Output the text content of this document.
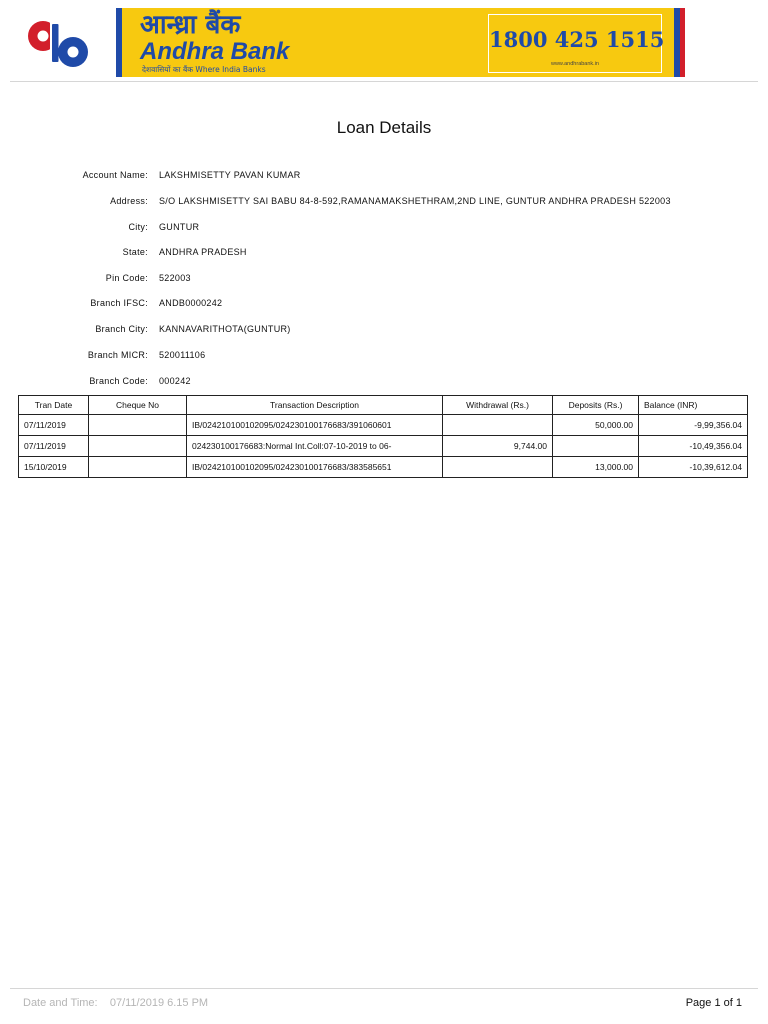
आन्ध्रा बैंक
Andhra Bank
देशवासियों का बैंक Where India Banks
1800 425 1515
www.andhrabank.in
Loan Details
Account Name: LAKSHMISETTY PAVAN KUMAR
Address: S/O LAKSHMISETTY SAI BABU 84-8-592,RAMANAMAKSHETHRAM,2ND LINE, GUNTUR ANDHRA PRADESH 522003
City: GUNTUR
State: ANDHRA PRADESH
Pin Code: 522003
Branch IFSC: ANDB0000242
Branch City: KANNAVARITHOTA(GUNTUR)
Branch MICR: 520011106
Branch Code: 000242
Tran Date	Cheque No	Transaction Description	Withdrawal (Rs.)	Deposits (Rs.)	Balance (INR)
07/11/2019		IB/024210100102095/024230100176683/391060601		50,000.00	-9,99,356.04
07/11/2019		024230100176683:Normal Int.Coll:07-10-2019 to 06-	9,744.00		-10,49,356.04
15/10/2019		IB/024210100102095/024230100176683/383585651		13,000.00	-10,39,612.04
Date and Time: 07/11/2019 6.15 PM	Page 1 of 1
